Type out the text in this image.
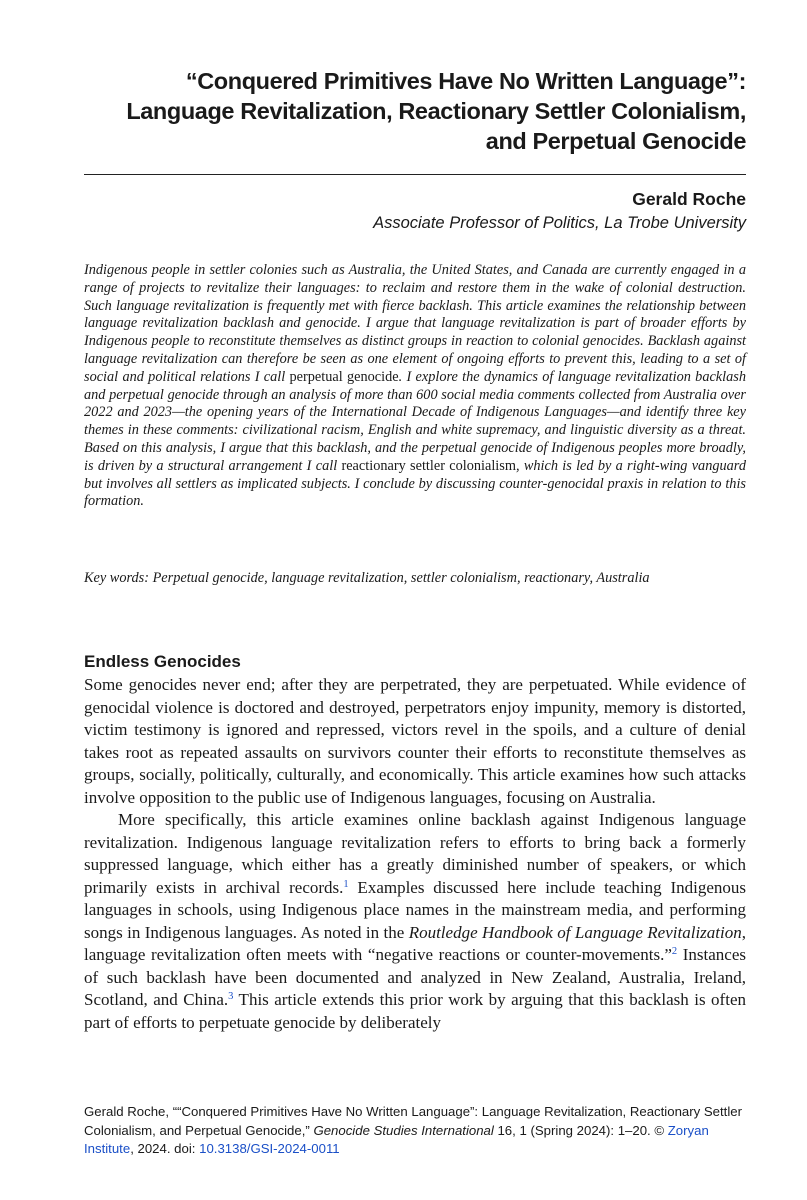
“Conquered Primitives Have No Written Language”: Language Revitalization, Reactionary Settler Colonialism, and Perpetual Genocide
Gerald Roche
Associate Professor of Politics, La Trobe University

Indigenous people in settler colonies such as Australia, the United States, and Canada are currently engaged in a range of projects to revitalize their languages: to reclaim and restore them in the wake of colonial destruction. Such language revitalization is frequently met with fierce backlash. This article examines the relationship between language revitalization backlash and genocide. I argue that language revitalization is part of broader efforts by Indigenous people to reconstitute themselves as distinct groups in reaction to colonial genocides. Backlash against language revitalization can therefore be seen as one element of ongoing efforts to prevent this, leading to a set of social and political relations I call perpetual genocide. I explore the dynamics of language revitalization backlash and perpetual genocide through an analysis of more than 600 social media comments collected from Australia over 2022 and 2023—the opening years of the International Decade of Indigenous Languages—and identify three key themes in these comments: civilizational racism, English and white supremacy, and linguistic diversity as a threat. Based on this analysis, I argue that this backlash, and the perpetual genocide of Indigenous peoples more broadly, is driven by a structural arrangement I call reactionary settler colonialism, which is led by a right-wing vanguard but involves all settlers as implicated subjects. I conclude by discussing counter-genocidal praxis in relation to this formation.

Key words: Perpetual genocide, language revitalization, settler colonialism, reactionary, Australia

Endless Genocides

Some genocides never end; after they are perpetrated, they are perpetuated. While evidence of genocidal violence is doctored and destroyed, perpetrators enjoy impunity, memory is distorted, victim testimony is ignored and repressed, victors revel in the spoils, and a culture of denial takes root as repeated assaults on survivors counter their efforts to reconstitute themselves as groups, socially, politically, culturally, and economically. This article examines how such attacks involve opposition to the public use of Indigenous languages, focusing on Australia.

More specifically, this article examines online backlash against Indigenous language revitalization. Indigenous language revitalization refers to efforts to bring back a formerly suppressed language, which either has a greatly diminished number of speakers, or which primarily exists in archival records.$^1$ Examples discussed here include teaching Indigenous languages in schools, using Indigenous place names in the mainstream media, and performing songs in Indigenous languages. As noted in the Routledge Handbook of Language Revitalization, language revitalization often meets with “negative reactions or counter-movements.”$^2$ Instances of such backlash have been documented and analyzed in New Zealand, Australia, Ireland, Scotland, and China.$^3$ This article extends this prior work by arguing that this backlash is often part of efforts to perpetuate genocide by deliberately

Gerald Roche, ““Conquered Primitives Have No Written Language”: Language Revitalization, Reactionary Settler Colonialism, and Perpetual Genocide,” Genocide Studies International 16, 1 (Spring 2024): 1–20. © Zoryan Institute, 2024. doi: 10.3138/GSI-2024-0011
